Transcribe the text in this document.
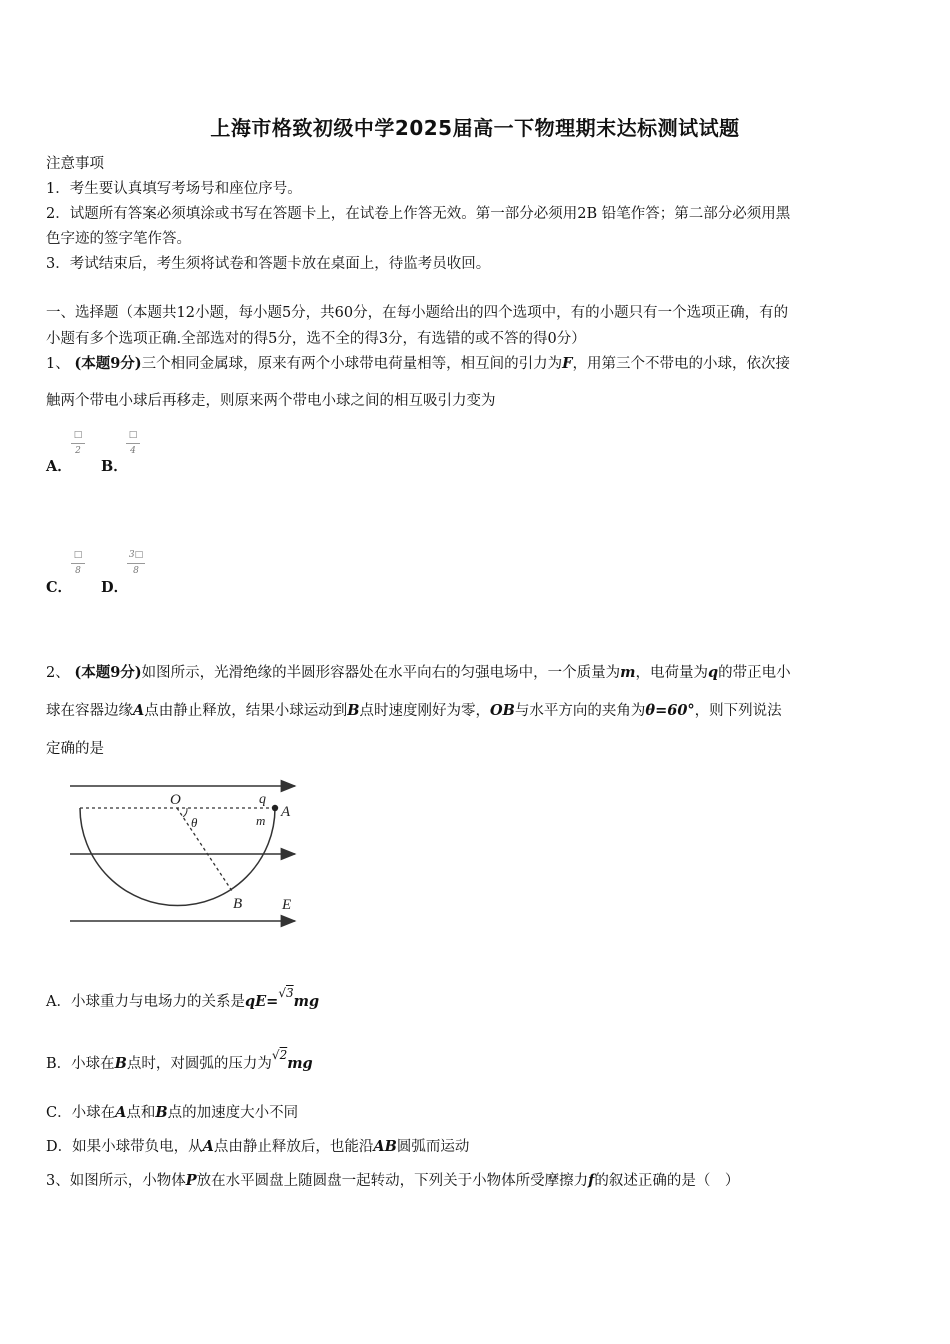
上海市格致初级中学2025届高一下物理期末达标测试试题
注意事项
1．考生要认真填写考场号和座位序号。
2．试题所有答案必须填涂或书写在答题卡上，在试卷上作答无效。第一部分必须用2B 铅笔作答；第二部分必须用黑
色字迹的签字笔作答。
3．考试结束后，考生须将试卷和答题卡放在桌面上，待监考员收回。
一、选择题（本题共12小题，每小题5分，共60分，在每小题给出的四个选项中，有的小题只有一个选项正确，有的
小题有多个选项正确.全部选对的得5分，选不全的得3分，有选错的或不答的得0分）
1、 (本题9分)三个相同金属球，原来有两个小球带电荷量相等，相互间的引力为F，用第三个不带电的小球，依次接
触两个带电小球后再移走，则原来两个带电小球之间的相互吸引力变为
A．
□
2
B．
□
4
C．
□
8
D．
3□
8
2、 (本题9分)如图所示，光滑绝缘的半圆形容器处在水平向右的匀强电场中，一个质量为m，电荷量为q的带正电小
球在容器边缘A点由静止释放，结果小球运动到B点时速度刚好为零，OB与水平方向的夹角为θ=60°，则下列说法
定确的是
O	q
m
A
θ
B	E
A．小球重力与电场力的关系是qE=$^{√3}$mg
B．小球在B点时，对圆弧的压力为$^{√2}$mg
C．小球在A点和B点的加速度大小不同
D．如果小球带负电，从A点由静止释放后，也能沿AB圆弧而运动
3、如图所示，小物体P放在水平圆盘上随圆盘一起转动，下列关于小物体所受摩擦力f的叙述正确的是（　）
